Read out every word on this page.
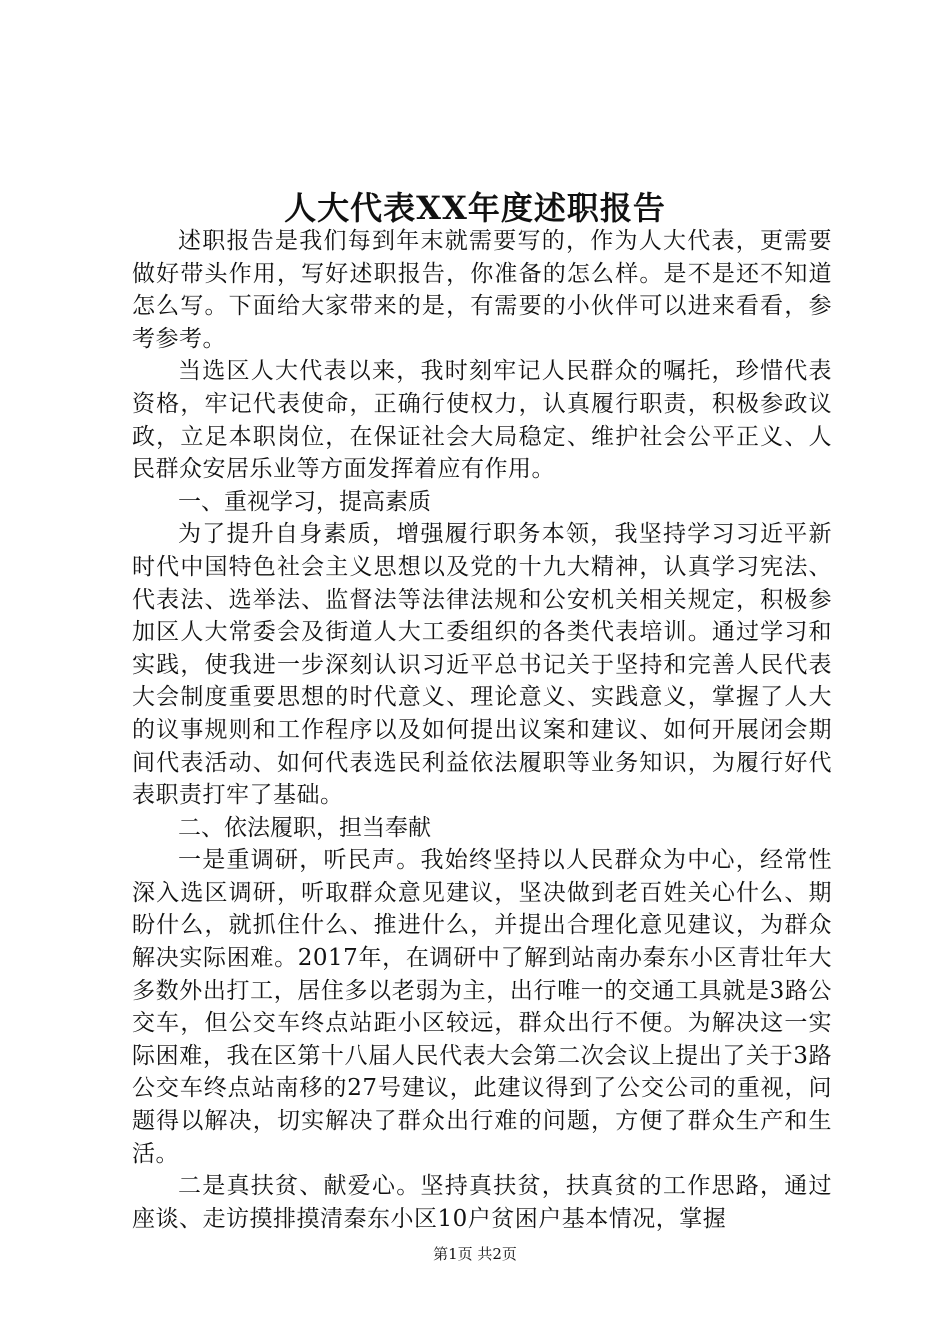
人大代表XX年度述职报告

述职报告是我们每到年末就需要写的，作为人大代表，更需要做好带头作用，写好述职报告，你准备的怎么样。是不是还不知道怎么写。下面给大家带来的是，有需要的小伙伴可以进来看看，参考参考。

当选区人大代表以来，我时刻牢记人民群众的嘱托，珍惜代表资格，牢记代表使命，正确行使权力，认真履行职责，积极参政议政，立足本职岗位，在保证社会大局稳定、维护社会公平正义、人民群众安居乐业等方面发挥着应有作用。

一、重视学习，提高素质

为了提升自身素质，增强履行职务本领，我坚持学习习近平新时代中国特色社会主义思想以及党的十九大精神，认真学习宪法、代表法、选举法、监督法等法律法规和公安机关相关规定，积极参加区人大常委会及街道人大工委组织的各类代表培训。通过学习和实践，使我进一步深刻认识习近平总书记关于坚持和完善人民代表大会制度重要思想的时代意义、理论意义、实践意义，掌握了人大的议事规则和工作程序以及如何提出议案和建议、如何开展闭会期间代表活动、如何代表选民利益依法履职等业务知识，为履行好代表职责打牢了基础。

二、依法履职，担当奉献

一是重调研，听民声。我始终坚持以人民群众为中心，经常性深入选区调研，听取群众意见建议，坚决做到老百姓关心什么、期盼什么，就抓住什么、推进什么，并提出合理化意见建议，为群众解决实际困难。2017年，在调研中了解到站南办秦东小区青壮年大多数外出打工，居住多以老弱为主，出行唯一的交通工具就是3路公交车，但公交车终点站距小区较远，群众出行不便。为解决这一实际困难，我在区第十八届人民代表大会第二次会议上提出了关于3路公交车终点站南移的27号建议，此建议得到了公交公司的重视，问题得以解决，切实解决了群众出行难的问题，方便了群众生产和生活。

二是真扶贫、献爱心。坚持真扶贫，扶真贫的工作思路，通过座谈、走访摸排摸清秦东小区10户贫困户基本情况，掌握

第1页 共2页
